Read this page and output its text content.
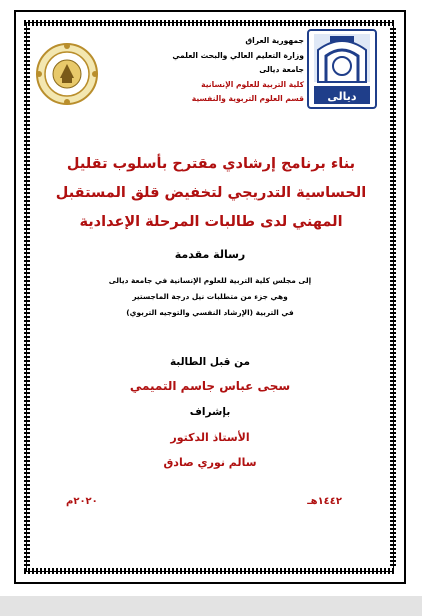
ديالى
جمهورية العراق
وزارة التعليم العالي والبحث العلمي
جامعة ديالى
كلية التربية للعلوم الإنسانية
قسم العلوم التربوية والنفسية
بناء برنامج إرشادي مقترح بأسلوب تقليل
الحساسية التدريجي لتخفيض قلق المستقبل
المهني لدى طالبات المرحلة الإعدادية
رسالة مقدمة
إلى مجلس كلية التربية للعلوم الإنسانية في جامعة ديالى
وهي جزء من متطلبات نيل درجة الماجستير
في التربية (الإرشاد النفسي والتوجيه التربوي)
من قبل الطالبة
سجى عباس جاسم التميمي
بإشراف
الأستاذ الدكتور
سالم نوري صادق
١٤٤٢هـ
٢٠٢٠م
